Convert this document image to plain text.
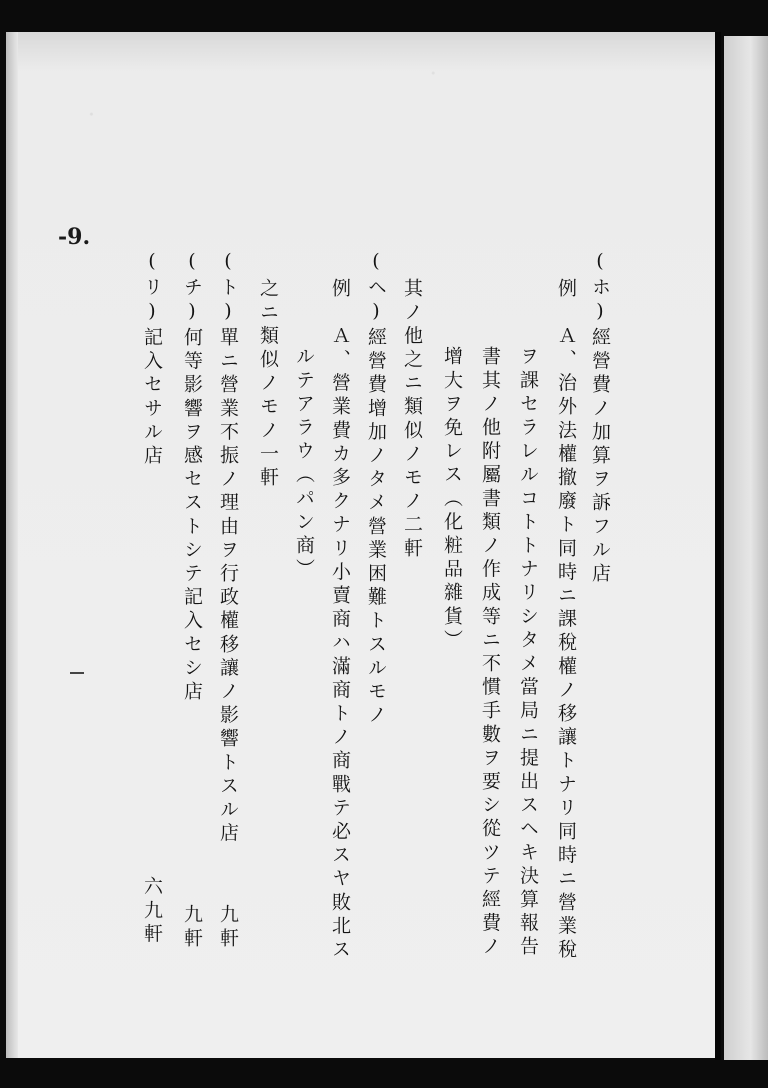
-9.
(ホ)經營費ノ加算ヲ訴フル店
例　Ａ、治外法權撤廢ト同時ニ課稅權ノ移讓トナリ同時ニ營業稅
ヲ課セラレルコトトナリシタメ當局ニ提出スヘキ決算報告
書其ノ他附屬書類ノ作成等ニ不慣手數ヲ要シ從ツテ經費ノ
增大ヲ免レス（化粧品雜貨）
其ノ他之ニ類似ノモノ二軒
(ヘ)經營費增加ノタメ營業困難トスルモノ
例　Ａ、營業費カ多クナリ小賣商ハ滿商トノ商戰テ必スヤ敗北ス
ルテアラウ（パン商）
之ニ類似ノモノ一軒
(ト)單ニ營業不振ノ理由ヲ行政權移讓ノ影響トスル店
(チ)何等影響ヲ感セストシテ記入セシ店
(リ)記入セサル店
九軒
九軒
六九軒
